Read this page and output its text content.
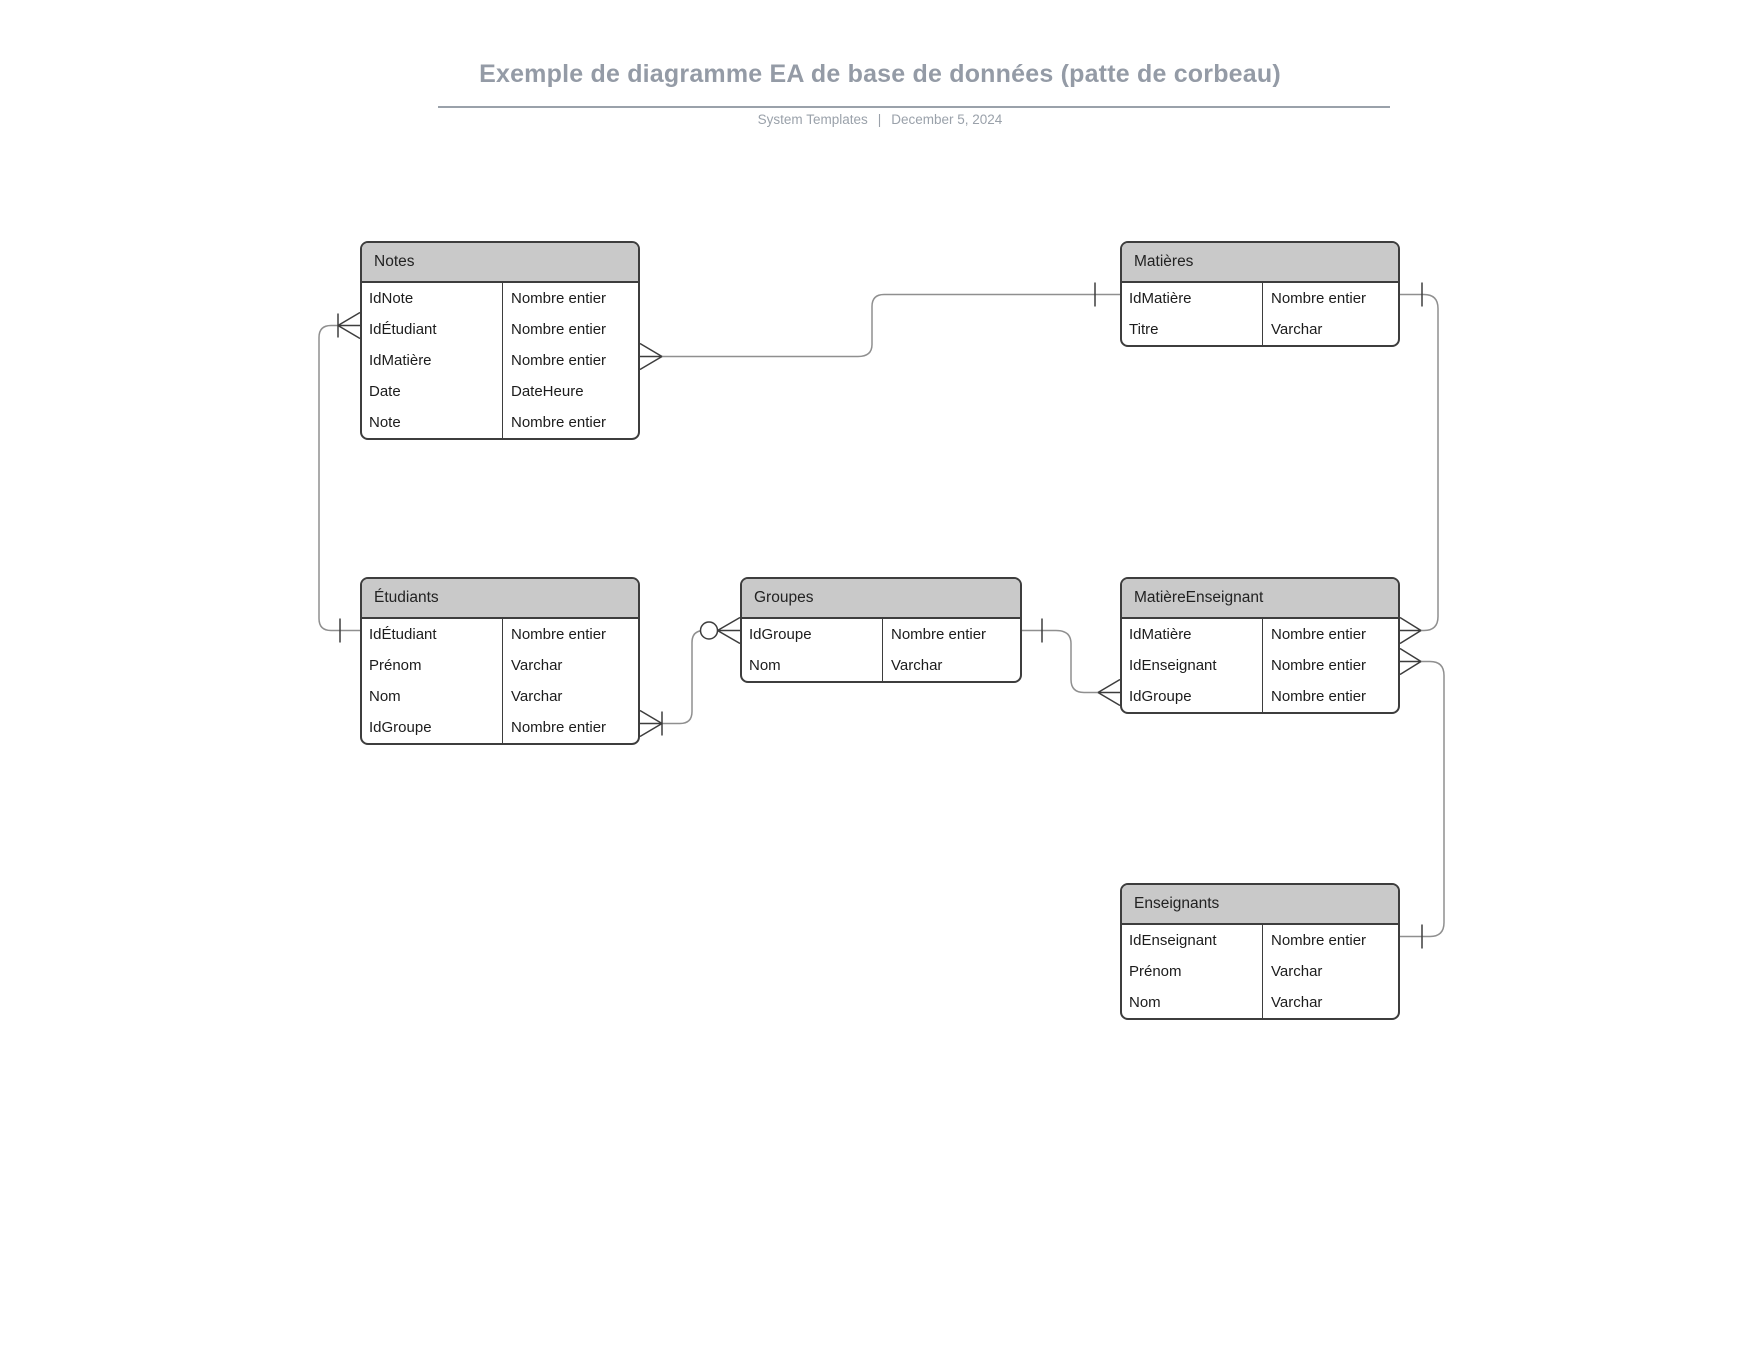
Exemple de diagramme EA de base de données (patte de corbeau)

System Templates | December 5, 2024

Notes
IdNote	Nombre entier
IdÉtudiant	Nombre entier
IdMatière	Nombre entier
Date	DateHeure
Note	Nombre entier
Matières
IdMatière	Nombre entier
Titre	Varchar
Étudiants
IdÉtudiant	Nombre entier
Prénom	Varchar
Nom	Varchar
IdGroupe	Nombre entier
Groupes
IdGroupe	Nombre entier
Nom	Varchar
MatièreEnseignant
IdMatière	Nombre entier
IdEnseignant	Nombre entier
IdGroupe	Nombre entier
Enseignants
IdEnseignant	Nombre entier
Prénom	Varchar
Nom	Varchar
